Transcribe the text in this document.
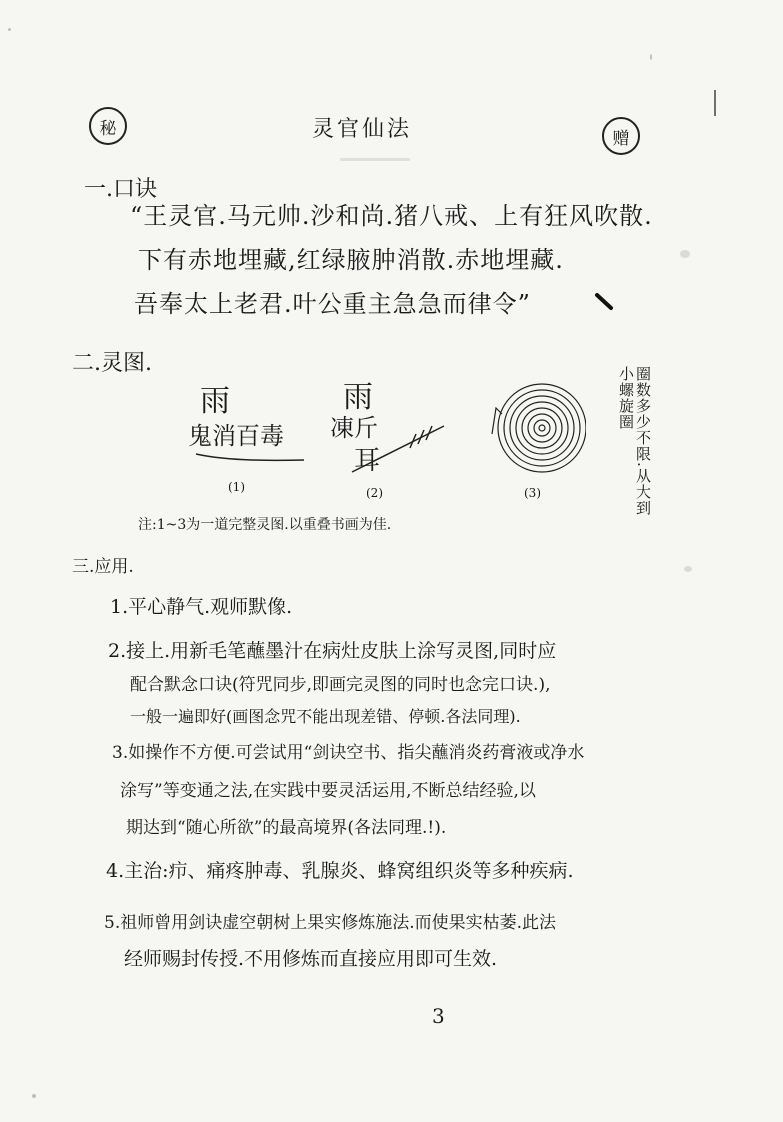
秘	灵官仙法	赠
一.口诀
“王灵官.马元帅.沙和尚.猪八戒、上有狂风吹散.
下有赤地埋藏,红绿腋肿消散.赤地埋藏.
吾奉太上老君.叶公重主急急而律令”
二.灵图.
雨
鬼消百毒
雨
凍斤
耳	圈数多少不限.从大到小螺旋圈
(1)	(2)	(3)
注:1~3为一道完整灵图.以重叠书画为佳.
三.应用.
1.平心静气.观师默像.
2.接上.用新毛笔蘸墨汁在病灶皮肤上涂写灵图,同时应
配合默念口诀(符咒同步,即画完灵图的同时也念完口诀.),
一般一遍即好(画图念咒不能出现差错、停顿.各法同理).
3.如操作不方便.可尝试用“剑诀空书、指尖蘸消炎药膏液或净水
涂写”等变通之法,在实践中要灵活运用,不断总结经验,以
期达到“随心所欲”的最高境界(各法同理.!).
4.主治:疖、痛疼肿毒、乳腺炎、蜂窝组织炎等多种疾病.
5.祖师曾用剑诀虚空朝树上果实修炼施法.而使果实枯萎.此法
经师赐封传授.不用修炼而直接应用即可生效.
3
